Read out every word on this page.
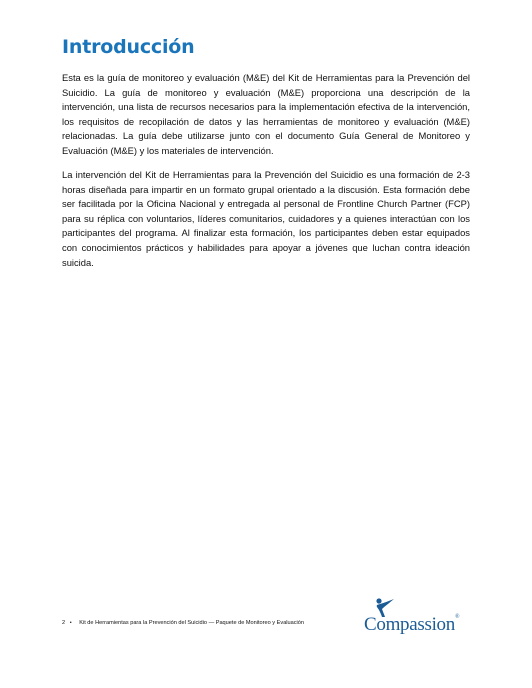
Introducción

Esta es la guía de monitoreo y evaluación (M&E) del Kit de Herramientas para la Prevención del Suicidio. La guía de monitoreo y evaluación (M&E) proporciona una descripción de la intervención, una lista de recursos necesarios para la implementación efectiva de la intervención, los requisitos de recopilación de datos y las herramientas de monitoreo y evaluación (M&E) relacionadas. La guía debe utilizarse junto con el documento Guía General de Monitoreo y Evaluación (M&E) y los materiales de intervención.

La intervención del Kit de Herramientas para la Prevención del Suicidio es una formación de 2-3 horas diseñada para impartir en un formato grupal orientado a la discusión. Esta formación debe ser facilitada por la Oficina Nacional y entregada al personal de Frontline Church Partner (FCP) para su réplica con voluntarios, líderes comunitarios, cuidadores y a quienes interactúan con los participantes del programa. Al finalizar esta formación, los participantes deben estar equipados con conocimientos prácticos y habilidades para apoyar a jóvenes que luchan contra ideación suicida.

2 • Kit de Herramientas para la Prevención del Suicidio — Paquete de Monitoreo y Evaluación	Compassion®
